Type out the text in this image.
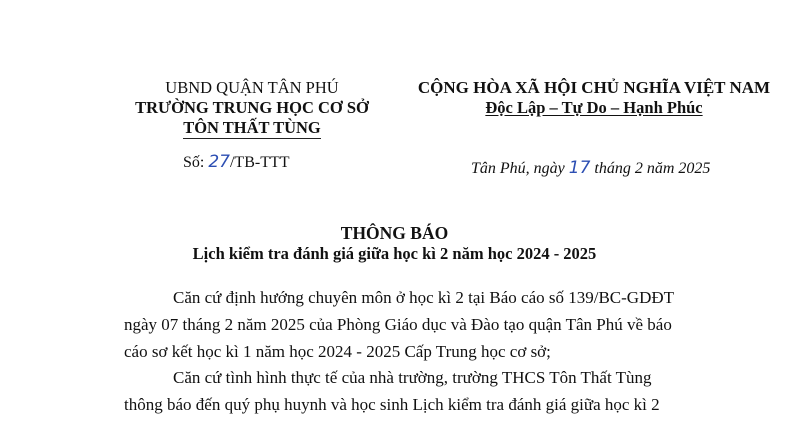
UBND QUẬN TÂN PHÚ
TRƯỜNG TRUNG HỌC CƠ SỞ
TÔN THẤT TÙNG
Số: 27/TB-TTT
CỘNG HÒA XÃ HỘI CHỦ NGHĨA VIỆT NAM
Độc Lập – Tự Do – Hạnh Phúc
Tân Phú, ngày 17 tháng 2 năm 2025
THÔNG BÁO
Lịch kiểm tra đánh giá giữa học kì 2 năm học 2024 - 2025
Căn cứ định hướng chuyên môn ở học kì 2 tại Báo cáo số 139/BC-GDĐT
ngày 07 tháng 2 năm 2025 của Phòng Giáo dục và Đào tạo quận Tân Phú về báo
cáo sơ kết học kì 1 năm học 2024 - 2025 Cấp Trung học cơ sở;
Căn cứ tình hình thực tế của nhà trường, trường THCS Tôn Thất Tùng
thông báo đến quý phụ huynh và học sinh Lịch kiểm tra đánh giá giữa học kì 2
